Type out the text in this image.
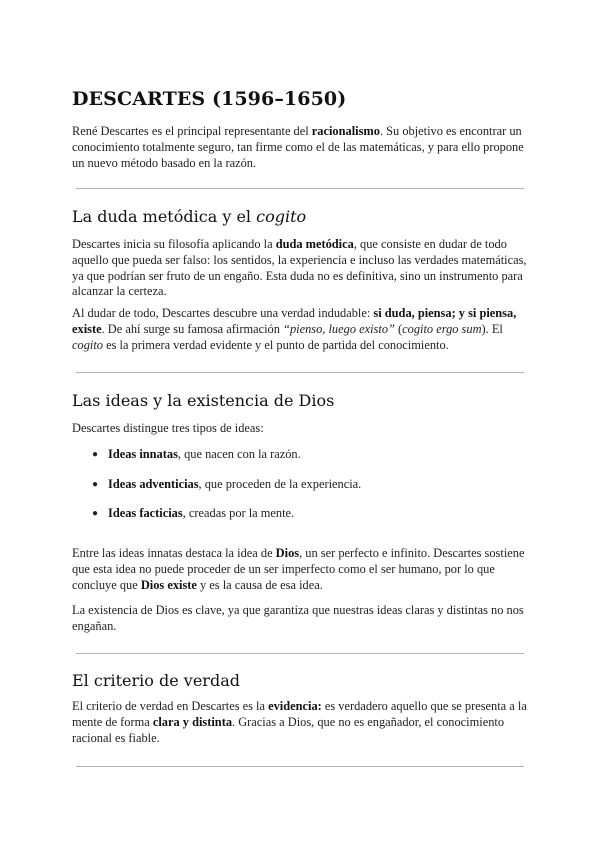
DESCARTES (1596–1650)

René Descartes es el principal representante del racionalismo. Su objetivo es encontrar un conocimiento totalmente seguro, tan firme como el de las matemáticas, y para ello propone un nuevo método basado en la razón.

La duda metódica y el cogito

Descartes inicia su filosofía aplicando la duda metódica, que consiste en dudar de todo aquello que pueda ser falso: los sentidos, la experiencia e incluso las verdades matemáticas, ya que podrían ser fruto de un engaño. Esta duda no es definitiva, sino un instrumento para alcanzar la certeza.

Al dudar de todo, Descartes descubre una verdad indudable: si duda, piensa; y si piensa, existe. De ahí surge su famosa afirmación “pienso, luego existo” (cogito ergo sum). El cogito es la primera verdad evidente y el punto de partida del conocimiento.

Las ideas y la existencia de Dios

Descartes distingue tres tipos de ideas:

● Ideas innatas, que nacen con la razón.
● Ideas adventicias, que proceden de la experiencia.
● Ideas facticias, creadas por la mente.

Entre las ideas innatas destaca la idea de Dios, un ser perfecto e infinito. Descartes sostiene que esta idea no puede proceder de un ser imperfecto como el ser humano, por lo que concluye que Dios existe y es la causa de esa idea.

La existencia de Dios es clave, ya que garantiza que nuestras ideas claras y distintas no nos engañan.

El criterio de verdad

El criterio de verdad en Descartes es la evidencia: es verdadero aquello que se presenta a la mente de forma clara y distinta. Gracias a Dios, que no es engañador, el conocimiento racional es fiable.
